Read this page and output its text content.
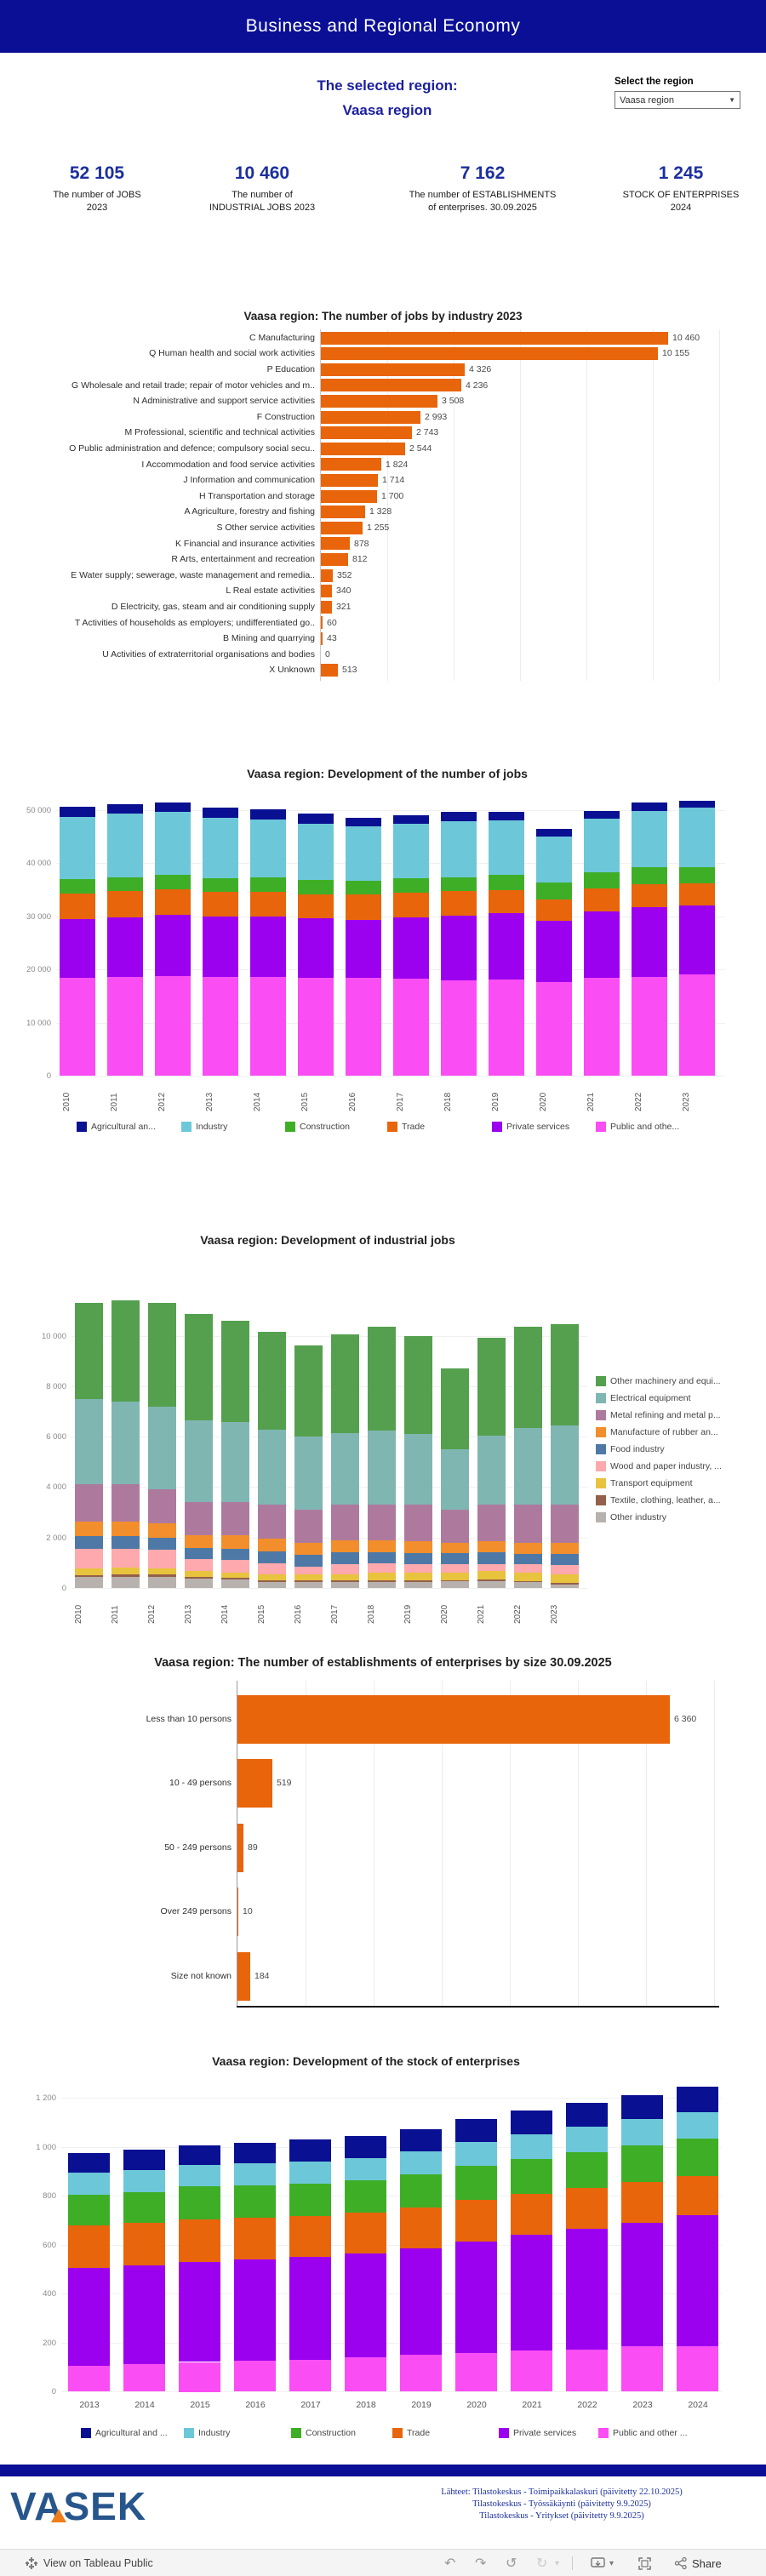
Business and Regional Economy
The selected region:
Vaasa region
Select the region
Vaasa region	▼
52 105
The number of JOBS
2023
10 460
The number of
INDUSTRIAL JOBS 2023
7 162
The number of ESTABLISHMENTS
of enterprises. 30.09.2025
1 245
STOCK OF ENTERPRISES
2024
Vaasa region: The number of jobs by industry 2023
C Manufacturing	10 460
Q Human health and social work activities	10 155
P Education	4 326
G Wholesale and retail trade; repair of motor vehicles and m..	4 236
N Administrative and support service activities	3 508
F Construction	2 993
M Professional, scientific and technical activities	2 743
O Public administration and defence; compulsory social secu..	2 544
I Accommodation and food service activities	1 824
J Information and communication	1 714
H Transportation and storage	1 700
A Agriculture, forestry and fishing	1 328
S Other service activities	1 255
K Financial and insurance activities	878
R Arts, entertainment and recreation	812
E Water supply; sewerage, waste management and remedia.. 352
L Real estate activities 340
D Electricity, gas, steam and air conditioning supply 321
T Activities of households as employers; undifferentiated go.. 60
B Mining and quarrying 43
U Activities of extraterritorial organisations and bodies 0
X Unknown	513
Vaasa region: Development of the number of jobs
0
10 000
20 000
30 000
40 000
50 000
2010	2011	2012	2013	2014	2015	2016	2017	2018	2019	2020	2021	2022	2023
Agricultural an...	Industry	Construction	Trade	Private services	Public and othe...
Vaasa region: Development of industrial jobs
0
2 000
4 000
6 000
8 000
10 000
2010	2011	2012	2013	2014	2015	2016	2017	2018	2019	2020	2021	2022	2023
Other machinery and equi...
Electrical equipment
Metal refining and metal p...
Manufacture of rubber an...
Food industry
Wood and paper industry, ...
Transport equipment
Textile, clothing, leather, a...
Other industry
Vaasa region: The number of establishments of enterprises by size 30.09.2025
Less than 10 persons	6 360
10 - 49 persons	519
50 - 249 persons 89
Over 249 persons 10
Size not known	184
Vaasa region: Development of the stock of enterprises
0
200
400
600
800
1 000
1 200
2013	2014	2015	2016	2017	2018	2019	2020	2021	2022	2023	2024
Agricultural and ...	Industry	Construction	Trade	Private services	Public and other ...
VASEK	Lähteet: Tilastokeskus - Toimipaikkalaskuri (päivitetty 22.10.2025)
Tilastokeskus - Työssäkäynti (päivitetty 9.9.2025)
Tilastokeskus - Yritykset (päivitetty 9.9.2025)
View on Tableau Public	↶ ↷ ↺ ↻ ▾	▾	Share
